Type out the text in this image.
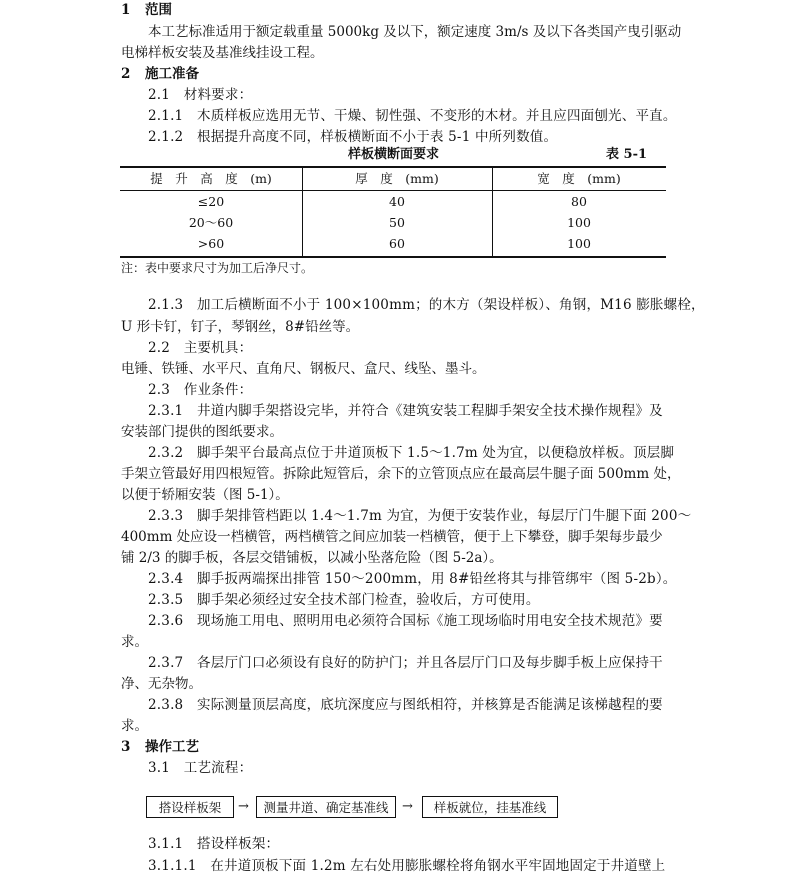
1 范围
本工艺标准适用于额定载重量 5000kg 及以下，额定速度 3m/s 及以下各类国产曳引驱动
电梯样板安装及基准线挂设工程。
2 施工准备
2.1　材料要求：
2.1.1　木质样板应选用无节、干燥、韧性强、不变形的木材。并且应四面刨光、平直。
2.1.2　根据提升高度不同，样板横断面不小于表 5-1 中所列数值。
样板横断面要求	表 5-1
提　升　高　度　(m)	厚　度　(mm)	宽　度　(mm)
≤20	40	80
20～60	50	100
>60	60	100
注：表中要求尺寸为加工后净尺寸。
2.1.3　加工后横断面不小于 100×100mm；的木方（架设样板）、角钢，M16 膨胀螺栓，
U 形卡钉，钉子，琴钢丝，8#铅丝等。
2.2　主要机具：
电锤、铁锤、水平尺、直角尺、钢板尺、盒尺、线坠、墨斗。
2.3　作业条件：
2.3.1　井道内脚手架搭设完毕，并符合《建筑安装工程脚手架安全技术操作规程》及
安装部门提供的图纸要求。
2.3.2　脚手架平台最高点位于井道顶板下 1.5～1.7m 处为宜，以便稳放样板。顶层脚
手架立管最好用四根短管。拆除此短管后，余下的立管顶点应在最高层牛腿子面 500mm 处，
以便于轿厢安装（图 5-1）。
2.3.3　脚手架排管档距以 1.4～1.7m 为宜，为便于安装作业，每层厅门牛腿下面 200～
400mm 处应设一档横管，两档横管之间应加装一档横管，便于上下攀登，脚手架每步最少
铺 2/3 的脚手板，各层交错铺板，以减小坠落危险（图 5-2a）。
2.3.4　脚手扳两端探出排管 150～200mm，用 8#铅丝将其与排管绑牢（图 5-2b）。
2.3.5　脚手架必须经过安全技术部门检查，验收后，方可使用。
2.3.6　现场施工用电、照明用电必须符合国标《施工现场临时用电安全技术规范》要
求。
2.3.7　各层厅门口必须设有良好的防护门；并且各层厅门口及每步脚手板上应保持干
净、无杂物。
2.3.8　实际测量顶层高度，底坑深度应与图纸相符，并核算是否能满足该梯越程的要
求。
3 操作工艺
3.1　工艺流程：
搭设样板架	→	测量井道、确定基准线	→	样板就位，挂基准线
3.1.1　搭设样板架：
3.1.1.1　在井道顶板下面 1.2m 左右处用膨胀螺栓将角钢水平牢固地固定于井道壁上
